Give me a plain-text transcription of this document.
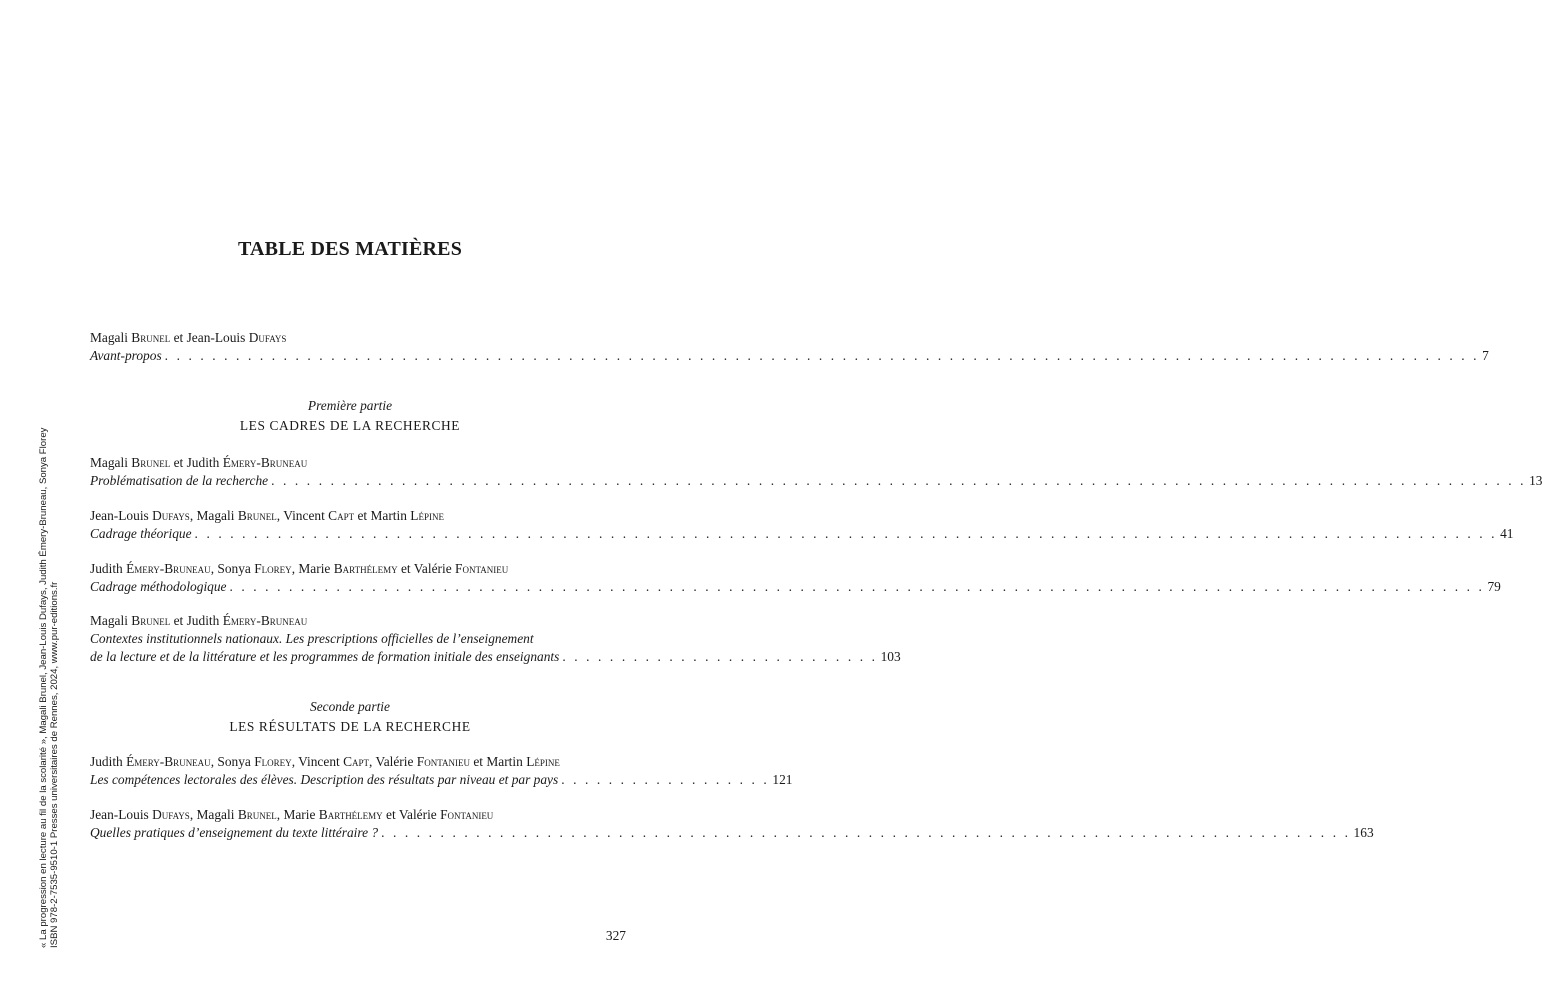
TABLE DES MATIÈRES
Magali Brunel et Jean-Louis Dufays
Avant-propos . . . . . . . . . . . . . . . . . . . . . . . . . . . . . . . . . . . . . . . . . . . . . . . . . . . . . . . . . . . . . . . . . . . . . . . . . . . . . . . . . . . . . . . . . . . . . . . . . . . . . . . . . . . . . . . 7
Première partie
LES CADRES DE LA RECHERCHE
Magali Brunel et Judith Émery-Bruneau
Problématisation de la recherche . . . . . . . . . . . . . . . . . . . . . . . . . . . . . . . . . . . . . . . . . . . . . . . . . . . . . . . . . . . . . . . . . . . . . . . . . . . . . . . . . . . . . . . . . . . . . . . . . . . . . . . . . . 13
Jean-Louis Dufays, Magali Brunel, Vincent Capt et Martin Lépine
Cadrage théorique . . . . . . . . . . . . . . . . . . . . . . . . . . . . . . . . . . . . . . . . . . . . . . . . . . . . . . . . . . . . . . . . . . . . . . . . . . . . . . . . . . . . . . . . . . . . . . . . . . . . . . . . . . . . . . 41
Judith Émery-Bruneau, Sonya Florey, Marie Barthélemy et Valérie Fontanieu
Cadrage méthodologique . . . . . . . . . . . . . . . . . . . . . . . . . . . . . . . . . . . . . . . . . . . . . . . . . . . . . . . . . . . . . . . . . . . . . . . . . . . . . . . . . . . . . . . . . . . . . . . . . . . . . . . . . . 79
Magali Brunel et Judith Émery-Bruneau
Contextes institutionnels nationaux. Les prescriptions officielles de l’enseignement
de la lecture et de la littérature et les programmes de formation initiale des enseignants . . . . . . . . . . . . . . . . . . . . . . . . . . . 103
Seconde partie
LES RÉSULTATS DE LA RECHERCHE
Judith Émery-Bruneau, Sonya Florey, Vincent Capt, Valérie Fontanieu et Martin Lépine
Les compétences lectorales des élèves. Description des résultats par niveau et par pays . . . . . . . . . . . . . . . . . . 121
Jean-Louis Dufays, Magali Brunel, Marie Barthélemy et Valérie Fontanieu
Quelles pratiques d’enseignement du texte littéraire ? . . . . . . . . . . . . . . . . . . . . . . . . . . . . . . . . . . . . . . . . . . . . . . . . . . . . . . . . . . . . . . . . . . . . . . . . . . . . . . . . . . 163
« La progression en lecture au fil de la scolarité », Magali Brunel, Jean-Louis Dufays, Judith Émery-Bruneau, Sonya Florey ISBN 978-2-7535-9510-1 Presses universitaires de Rennes, 2024, www.pur-editions.fr	327
